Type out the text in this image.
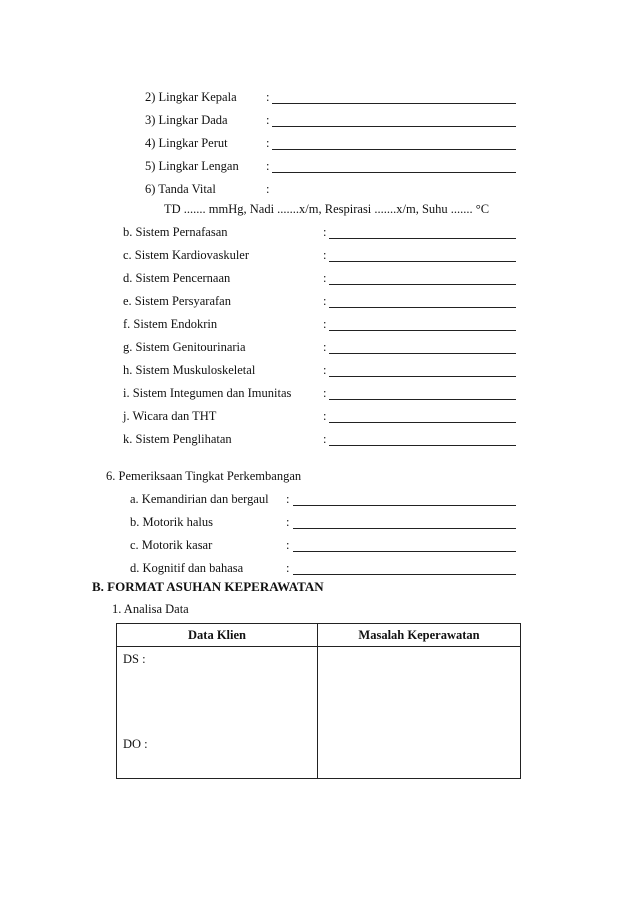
2) Lingkar Kepala :
3) Lingkar Dada	:
4) Lingkar Perut	:
5) Lingkar Lengan :
6) Tanda Vital	:
TD ....... mmHg, Nadi .......x/m, Respirasi .......x/m, Suhu ....... °C
b. Sistem Pernafasan	:
c. Sistem Kardiovaskuler	:
d. Sistem Pencernaan	:
e. Sistem Persyarafan	:
f. Sistem Endokrin	:
g. Sistem Genitourinaria	:
h. Sistem Muskuloskeletal	:
i. Sistem Integumen dan Imunitas	:
j. Wicara dan THT	:
k. Sistem Penglihatan	:
6. Pemeriksaan Tingkat Perkembangan
a. Kemandirian dan bergaul :
b. Motorik halus	:
c. Motorik kasar	:
d. Kognitif dan bahasa	:
B. FORMAT ASUHAN KEPERAWATAN
1. Analisa Data
Data Klien	Masalah Keperawatan

DS :
DO :	
